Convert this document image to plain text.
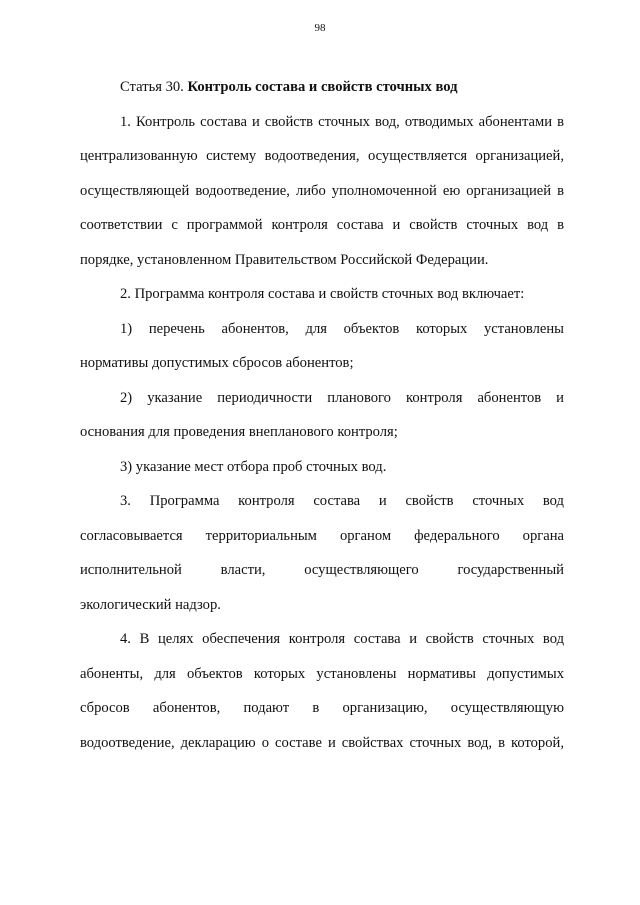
98

Статья 30. Контроль состава и свойств сточных вод

1. Контроль состава и свойств сточных вод, отводимых абонентами в
централизованную систему водоотведения, осуществляется организацией,
осуществляющей водоотведение, либо уполномоченной ею организацией в
соответствии с программой контроля состава и свойств сточных вод в
порядке, установленном Правительством Российской Федерации.

2. Программа контроля состава и свойств сточных вод включает:

1) перечень абонентов, для объектов которых установлены
нормативы допустимых сбросов абонентов;

2) указание периодичности планового контроля абонентов и
основания для проведения внепланового контроля;

3) указание мест отбора проб сточных вод.

3. Программа контроля состава и свойств сточных вод
согласовывается территориальным органом федерального органа
исполнительной власти, осуществляющего государственный
экологический надзор.

4. В целях обеспечения контроля состава и свойств сточных вод
абоненты, для объектов которых установлены нормативы допустимых
сбросов абонентов, подают в организацию, осуществляющую
водоотведение, декларацию о составе и свойствах сточных вод, в которой,
